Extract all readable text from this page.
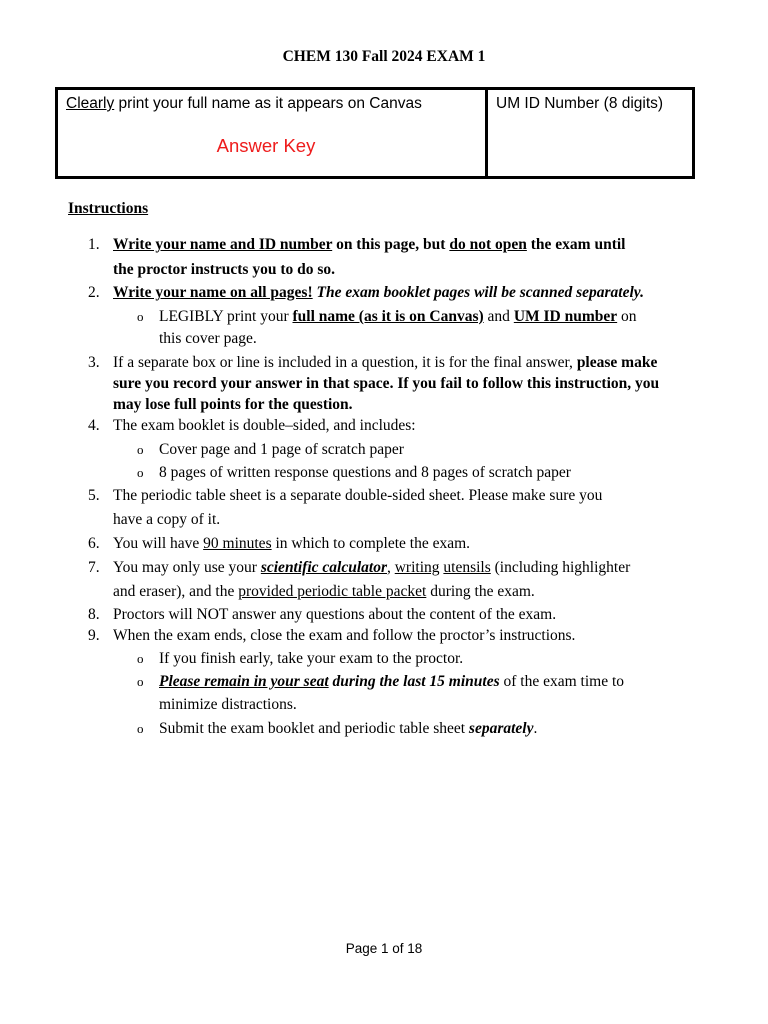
CHEM 130 Fall 2024 EXAM 1
Clearly print your full name as it appears on Canvas
Answer Key
UM ID Number (8 digits)
Instructions
1. Write your name and ID number on this page, but do not open the exam until
the proctor instructs you to do so.
2. Write your name on all pages! The exam booklet pages will be scanned separately.
o LEGIBLY print your full name (as it is on Canvas) and UM ID number on
this cover page.
3. If a separate box or line is included in a question, it is for the final answer, please make
sure you record your answer in that space. If you fail to follow this instruction, you
may lose full points for the question.
4. The exam booklet is double–sided, and includes:
o Cover page and 1 page of scratch paper
o 8 pages of written response questions and 8 pages of scratch paper
5. The periodic table sheet is a separate double-sided sheet. Please make sure you
have a copy of it.
6. You will have 90 minutes in which to complete the exam.
7. You may only use your scientific calculator, writing utensils (including highlighter
and eraser), and the provided periodic table packet during the exam.
8. Proctors will NOT answer any questions about the content of the exam.
9. When the exam ends, close the exam and follow the proctor’s instructions.
o If you finish early, take your exam to the proctor.
o Please remain in your seat during the last 15 minutes of the exam time to
minimize distractions.
o Submit the exam booklet and periodic table sheet separately.
Page 1 of 18
